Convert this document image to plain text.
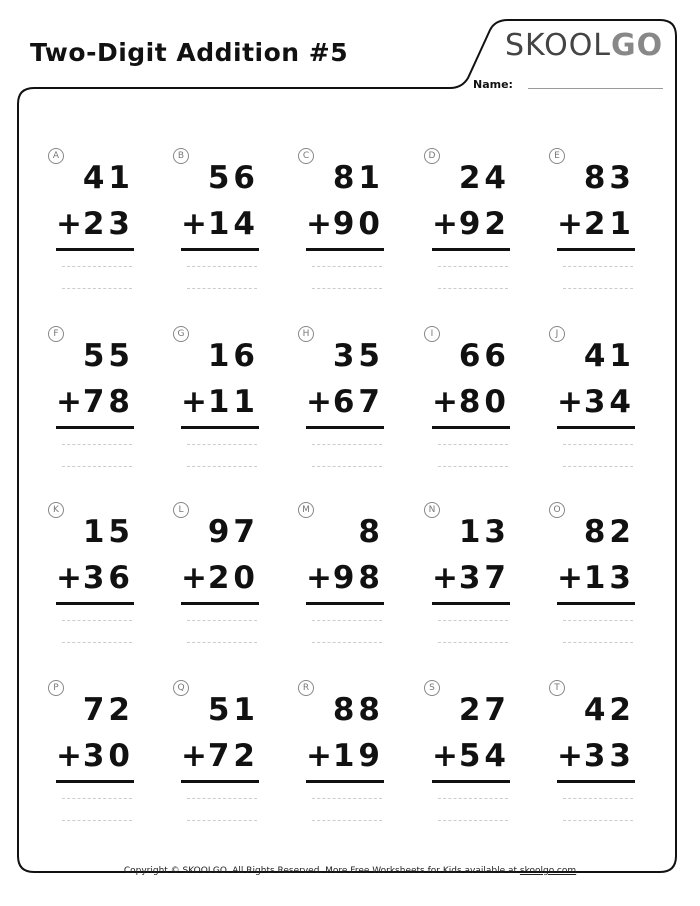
Two-Digit Addition #5	SKOOLGO
Name:
A
41
+ 23
B
56
+ 14
C
81
+ 90
D
24
+ 92
E
83
+ 21
F
55
+ 78
G
16
+ 11
H
35
+ 67
I
66
+ 80
J
41
+ 34
K
15
+ 36
L
97
+ 20
M
8
+ 98
N
13
+ 37
O
82
+ 13
P
72
+ 30
Q
51
+ 72
R
88
+ 19
S
27
+ 54
T
42
+ 33
Copyright © SKOOLGO. All Rights Reserved. More Free Worksheets for Kids available at skoolgo.com
